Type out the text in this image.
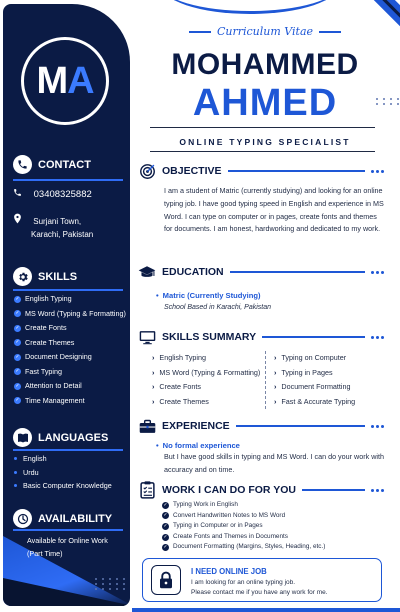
M A
CONTACT
03408325882
Surjani Town,
Karachi, Pakistan
SKILLS
✓ English Typing
✓ MS Word (Typing & Formatting)
✓ Create Fonts
✓ Create Themes
✓ Document Designing
✓ Fast Typing
✓ Attention to Detail
✓ Time Management
LANGUAGES
English
Urdu
Basic Computer Knowledge
AVAILABILITY
Available for Online Work
(Part Time)
Curriculum Vitae
MOHAMMED
AHMED
ONLINE TYPING SPECIALIST
OBJECTIVE
I am a student of Matric (currently studying) and looking for an online typing job. I have good typing speed in English and experience in MS Word. I can type on computer or in pages, create fonts and themes for documents. I am honest, hardworking and dedicated to my work.
EDUCATION
• Matric (Currently Studying)
School Based in Karachi, Pakistan
SKILLS SUMMARY
› English Typing
› MS Word (Typing & Formatting)
› Create Fonts
› Create Themes
› Typing on Computer
› Typing in Pages
› Document Formatting
› Fast & Accurate Typing
EXPERIENCE
• No formal experience
But I have good skills in typing and MS Word. I can do your work with accuracy and on time.
WORK I CAN DO FOR YOU
✓ Typing Work in English
✓ Convert Handwritten Notes to MS Word
✓ Typing in Computer or in Pages
✓ Create Fonts and Themes in Documents
✓ Document Formatting (Margins, Styles, Heading, etc.)
I NEED ONLINE JOB
I am looking for an online typing job.
Please contact me if you have any work for me.
